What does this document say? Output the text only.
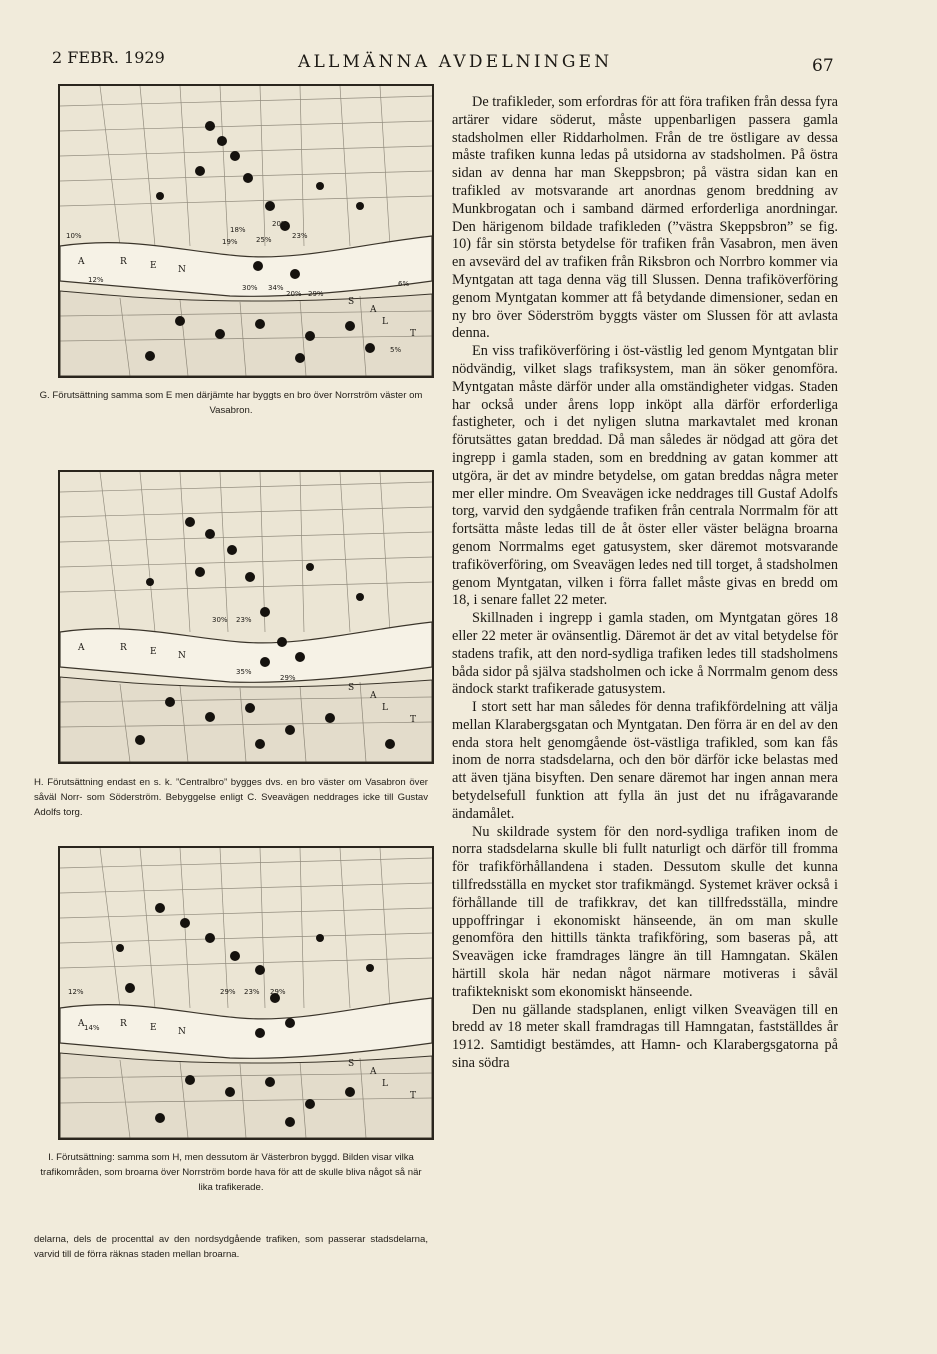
2 FEBR. 1929	ALLMÄNNA AVDELNINGEN	67
A	R	E N
S
A
L
T
10%
12%
18%
19%
20%
23%
25%
30% 34%
20% 29%
6%
5%
G. Förutsättning samma som E men därjämte har byggts en bro över Norrström väster om Vasabron.
A	R	E N
S
A
L
T
30% 23%
35%
29%
H. Förutsättning endast en s. k. ”Centralbro” bygges dvs. en bro väster om Vasabron över såväl Norr- som Söderström. Bebyggelse enligt C. Sveavägen neddrages icke till Gustav Adolfs torg.
A	R	E N
S
A
L
T
12%
14%
29% 23% 29%
I. Förutsättning: samma som H, men dessutom är Västerbron byggd. Bilden visar vilka trafikområden, som broarna över Norrström borde hava för att de skulle bliva något så när lika trafikerade.
delarna, dels de procenttal av den nordsydgående trafiken, som passerar stadsdelarna, varvid till de förra räknas staden mellan broarna.

De trafikleder, som erfordras för att föra trafiken från dessa fyra artärer vidare söderut, måste uppenbarligen passera gamla stadsholmen eller Riddarholmen. Från de tre östligare av dessa måste trafiken kunna ledas på utsidorna av stadsholmen. På östra sidan av denna har man Skeppsbron; på västra sidan kan en trafikled av motsvarande art anordnas genom breddning av Munkbrogatan och i samband därmed erforderliga anordningar. Den härigenom bildade trafikleden (”västra Skeppsbron” se fig. 10) får sin största betydelse för trafiken från Vasabron, men även en avsevärd del av trafiken från Riksbron och Norrbro kommer via Myntgatan att taga denna väg till Slussen. Denna trafiköverföring genom Myntgatan kommer att få betydande dimensioner, sedan en ny bro över Söderström byggts väster om Slussen för att avlasta denna.

En viss trafiköverföring i öst-västlig led genom Myntgatan blir nödvändig, vilket slags trafiksystem, man än söker genomföra. Myntgatan måste därför under alla omständigheter vidgas. Staden har också under årens lopp inköpt alla därför erforderliga fastigheter, och i det nyligen slutna markavtalet med kronan förutsättes gatan breddad. Då man således är nödgad att göra det ingrepp i gamla staden, som en breddning av gatan kommer att utgöra, är det av mindre betydelse, om gatan breddas några meter mer eller mindre. Om Sveavägen icke neddrages till Gustaf Adolfs torg, varvid den sydgående trafiken från centrala Norrmalm för att fortsätta måste ledas till de åt öster eller väster belägna broarna genom Norrmalms eget gatusystem, sker däremot motsvarande trafiköverföring, om Sveavägen ledes ned till torget, å stadsholmen genom Myntgatan, vilken i förra fallet måste givas en bredd om 18, i senare fallet 22 meter.

Skillnaden i ingrepp i gamla staden, om Myntgatan göres 18 eller 22 meter är ovänsentlig. Däremot är det av vital betydelse för stadens trafik, att den nord-sydliga trafiken ledes till stadsholmens båda sidor på själva stadsholmen och icke å Norrmalm genom dess ändock starkt trafikerade gatusystem.

I stort sett har man således för denna trafikfördelning att välja mellan Klarabergsgatan och Myntgatan. Den förra är en del av den enda stora helt genomgående öst-västliga trafikled, som kan fås inom de norra stadsdelarna, och den bör därför icke belastas med att även tjäna bisyften. Den senare däremot har ingen annan mera betydelsefull funktion att fylla än just det nu ifrågavarande ändamålet.

Nu skildrade system för den nord-sydliga trafiken inom de norra stadsdelarna skulle bli fullt naturligt och därför till fromma för trafikförhållandena i staden. Dessutom skulle det kunna tillfredsställa en mycket stor trafikmängd. Systemet kräver också i förhållande till de trafikkrav, det kan tillfredsställa, mindre uppoffringar i ekonomiskt hänseende, än om man skulle genomföra den hittills tänkta trafikföring, som baseras på, att Sveavägen icke framdrages längre än till Hamngatan. Skälen härtill skola här nedan något närmare motiveras i såväl trafiktekniskt som ekonomiskt hänseende.

Den nu gällande stadsplanen, enligt vilken Sveavägen till en bredd av 18 meter skall framdragas till Hamngatan, fastställdes år 1912. Samtidigt bestämdes, att Hamn- och Klarabergsgatorna på sina södra
